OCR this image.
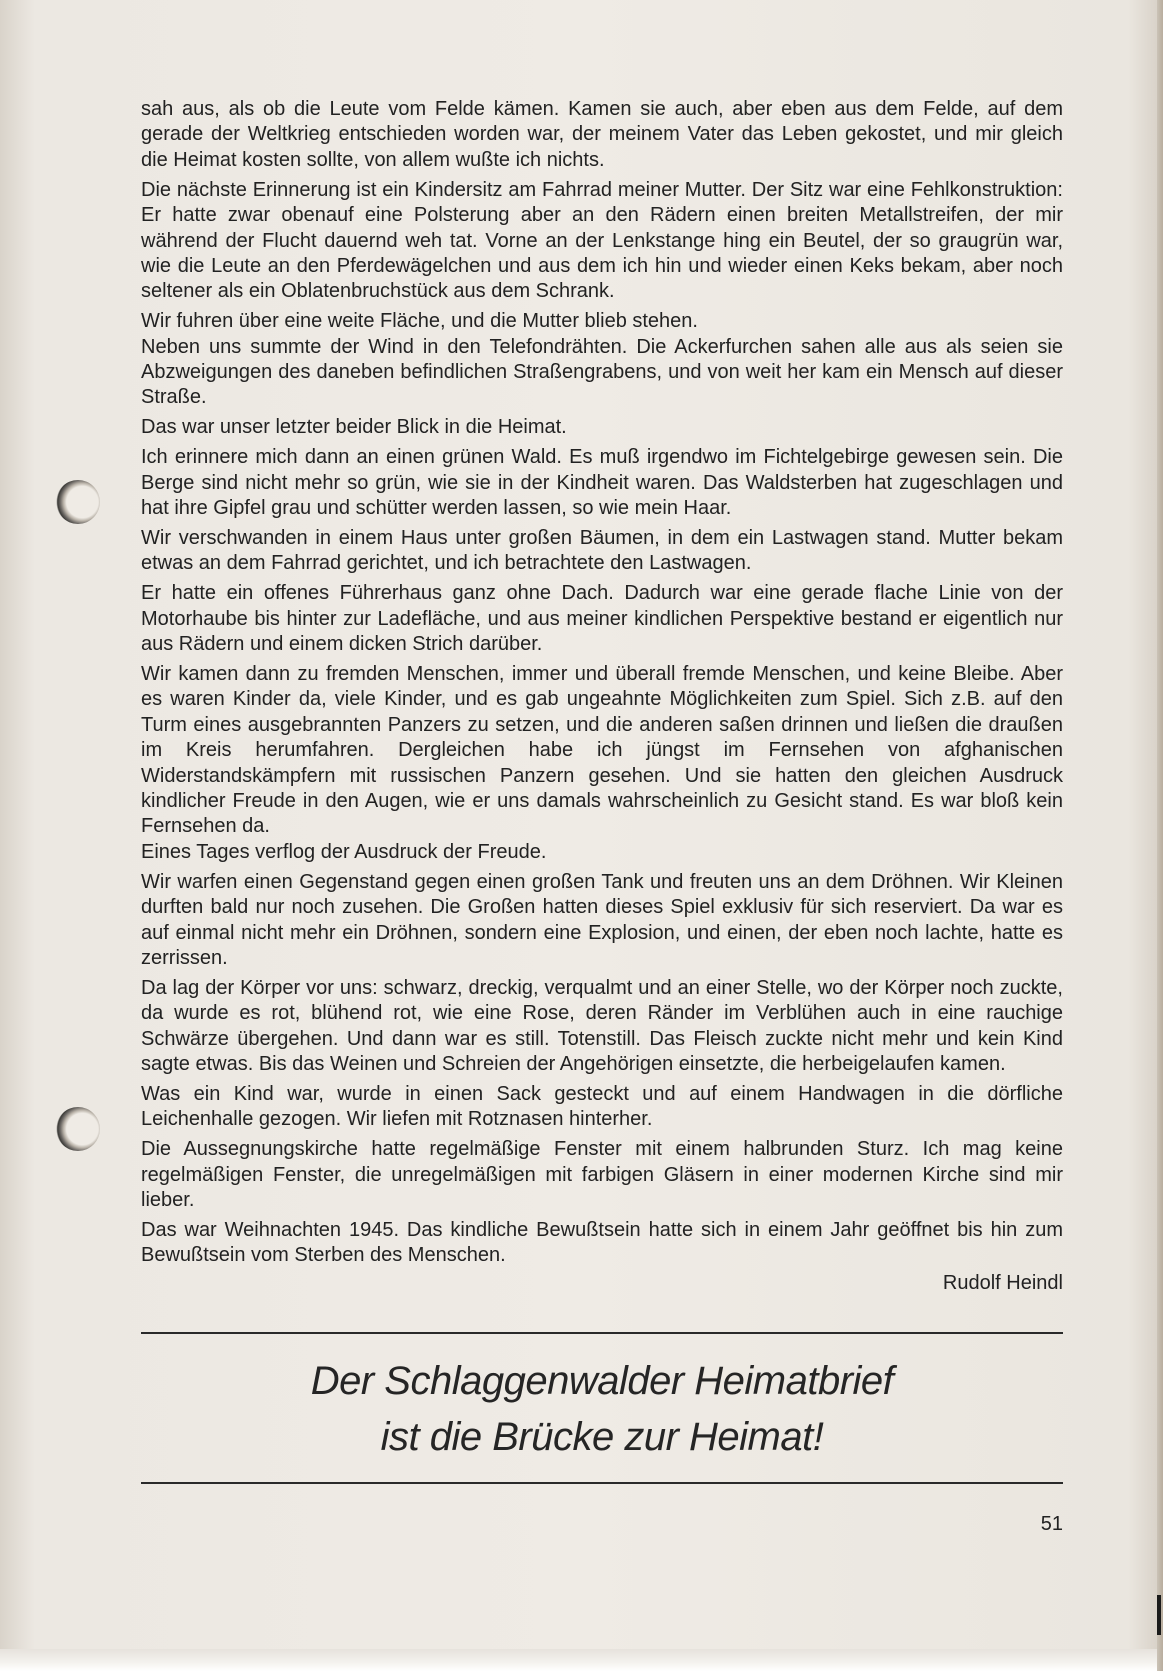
sah aus, als ob die Leute vom Felde kämen. Kamen sie auch, aber eben aus dem Felde, auf dem gerade der Weltkrieg entschieden worden war, der meinem Vater das Leben gekostet, und mir gleich die Heimat kosten sollte, von allem wußte ich nichts.

Die nächste Erinnerung ist ein Kindersitz am Fahrrad meiner Mutter. Der Sitz war eine Fehlkonstruktion: Er hatte zwar obenauf eine Polsterung aber an den Rädern einen breiten Metallstreifen, der mir während der Flucht dauernd weh tat. Vorne an der Lenkstange hing ein Beutel, der so graugrün war, wie die Leute an den Pferdewägelchen und aus dem ich hin und wieder einen Keks bekam, aber noch seltener als ein Oblatenbruchstück aus dem Schrank.

Wir fuhren über eine weite Fläche, und die Mutter blieb stehen.

Neben uns summte der Wind in den Telefondrähten. Die Ackerfurchen sahen alle aus als seien sie Abzweigungen des daneben befindlichen Straßengrabens, und von weit her kam ein Mensch auf dieser Straße.

Das war unser letzter beider Blick in die Heimat.

Ich erinnere mich dann an einen grünen Wald. Es muß irgendwo im Fichtelgebirge gewesen sein. Die Berge sind nicht mehr so grün, wie sie in der Kindheit waren. Das Waldsterben hat zugeschlagen und hat ihre Gipfel grau und schütter werden lassen, so wie mein Haar.

Wir verschwanden in einem Haus unter großen Bäumen, in dem ein Lastwagen stand. Mutter bekam etwas an dem Fahrrad gerichtet, und ich betrachtete den Lastwagen.

Er hatte ein offenes Führerhaus ganz ohne Dach. Dadurch war eine gerade flache Linie von der Motorhaube bis hinter zur Ladefläche, und aus meiner kindlichen Perspektive bestand er eigentlich nur aus Rädern und einem dicken Strich darüber.

Wir kamen dann zu fremden Menschen, immer und überall fremde Menschen, und keine Bleibe. Aber es waren Kinder da, viele Kinder, und es gab ungeahnte Möglichkeiten zum Spiel. Sich z.B. auf den Turm eines ausgebrannten Panzers zu setzen, und die anderen saßen drinnen und ließen die draußen im Kreis herumfahren. Dergleichen habe ich jüngst im Fernsehen von afghanischen Widerstandskämpfern mit russischen Panzern gesehen. Und sie hatten den gleichen Ausdruck kindlicher Freude in den Augen, wie er uns damals wahrscheinlich zu Gesicht stand. Es war bloß kein Fernsehen da.

Eines Tages verflog der Ausdruck der Freude.

Wir warfen einen Gegenstand gegen einen großen Tank und freuten uns an dem Dröhnen. Wir Kleinen durften bald nur noch zusehen. Die Großen hatten dieses Spiel exklusiv für sich reserviert. Da war es auf einmal nicht mehr ein Dröhnen, sondern eine Explosion, und einen, der eben noch lachte, hatte es zerrissen.

Da lag der Körper vor uns: schwarz, dreckig, verqualmt und an einer Stelle, wo der Körper noch zuckte, da wurde es rot, blühend rot, wie eine Rose, deren Ränder im Verblühen auch in eine rauchige Schwärze übergehen. Und dann war es still. Totenstill. Das Fleisch zuckte nicht mehr und kein Kind sagte etwas. Bis das Weinen und Schreien der Angehörigen einsetzte, die herbeigelaufen kamen.

Was ein Kind war, wurde in einen Sack gesteckt und auf einem Handwagen in die dörfliche Leichenhalle gezogen. Wir liefen mit Rotznasen hinterher.

Die Aussegnungskirche hatte regelmäßige Fenster mit einem halbrunden Sturz. Ich mag keine regelmäßigen Fenster, die unregelmäßigen mit farbigen Gläsern in einer modernen Kirche sind mir lieber.

Das war Weihnachten 1945. Das kindliche Bewußtsein hatte sich in einem Jahr geöffnet bis hin zum Bewußtsein vom Sterben des Menschen.

Rudolf Heindl
Der Schlaggenwalder Heimatbrief
ist die Brücke zur Heimat!
51
